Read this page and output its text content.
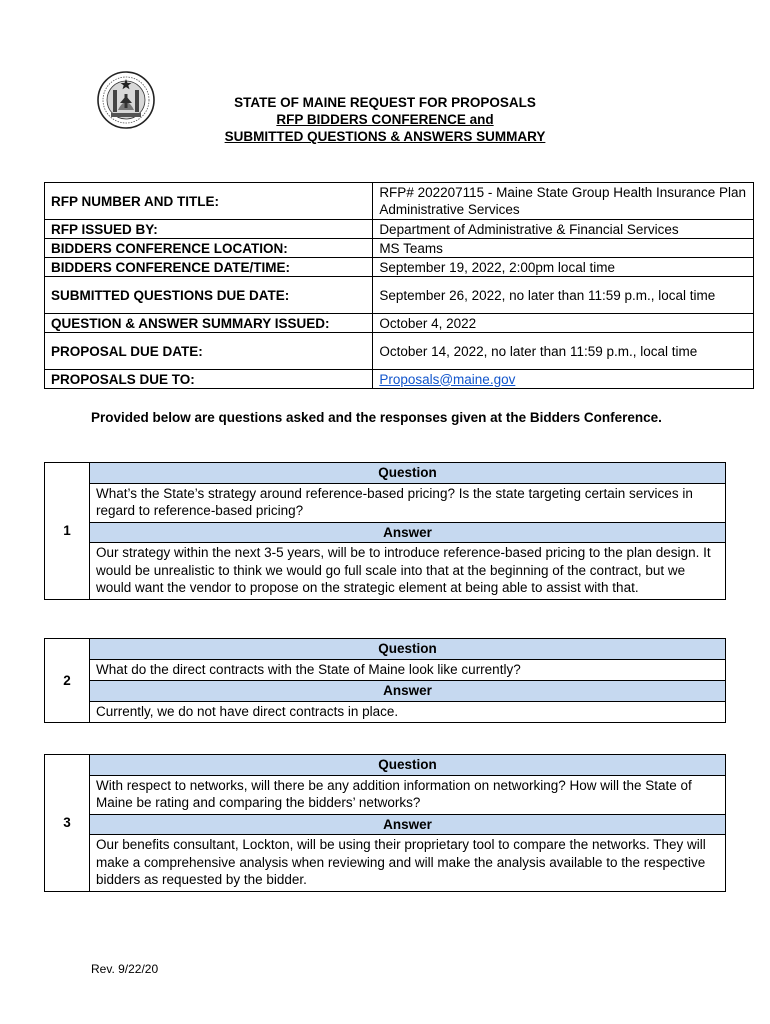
STATE OF MAINE REQUEST FOR PROPOSALS
RFP BIDDERS CONFERENCE and
SUBMITTED QUESTIONS & ANSWERS SUMMARY
RFP NUMBER AND TITLE:	RFP# 202207115 - Maine State Group Health Insurance Plan Administrative Services
RFP ISSUED BY:	Department of Administrative & Financial Services
BIDDERS CONFERENCE LOCATION:	MS Teams
BIDDERS CONFERENCE DATE/TIME:	September 19, 2022, 2:00pm local time
SUBMITTED QUESTIONS DUE DATE:	September 26, 2022, no later than 11:59 p.m., local time
QUESTION & ANSWER SUMMARY ISSUED:	October 4, 2022
PROPOSAL DUE DATE:	October 14, 2022, no later than 11:59 p.m., local time
PROPOSALS DUE TO:	Proposals@maine.gov
Provided below are questions asked and the responses given at the Bidders Conference.
1	Question
What’s the State’s strategy around reference-based pricing? Is the state targeting certain services in regard to reference-based pricing?
Answer
Our strategy within the next 3-5 years, will be to introduce reference-based pricing to the plan design. It would be unrealistic to think we would go full scale into that at the beginning of the contract, but we would want the vendor to propose on the strategic element at being able to assist with that.
2	Question
What do the direct contracts with the State of Maine look like currently?
Answer
Currently, we do not have direct contracts in place.
3	Question
With respect to networks, will there be any addition information on networking? How will the State of Maine be rating and comparing the bidders’ networks?
Answer
Our benefits consultant, Lockton, will be using their proprietary tool to compare the networks. They will make a comprehensive analysis when reviewing and will make the analysis available to the respective bidders as requested by the bidder.
Rev. 9/22/20
